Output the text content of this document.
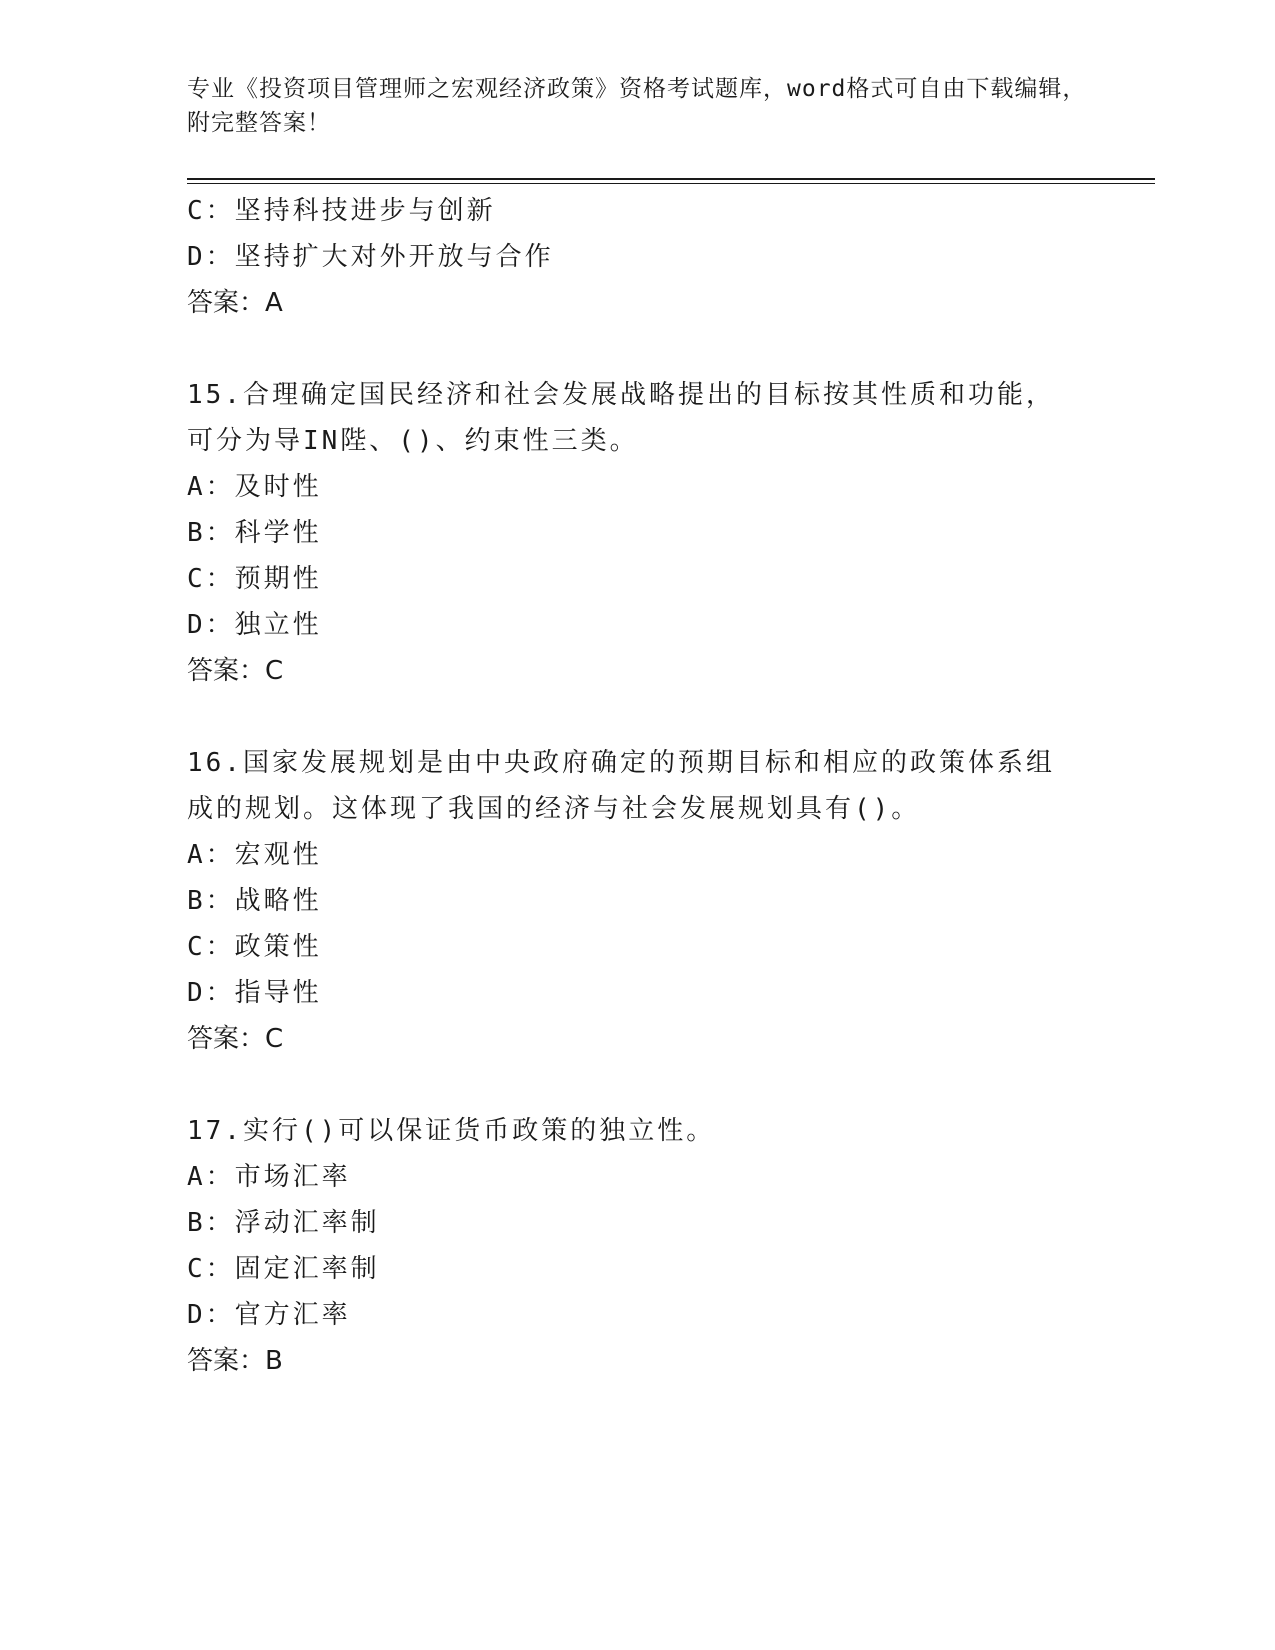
专业《投资项目管理师之宏观经济政策》资格考试题库，word格式可自由下载编辑，附完整答案！
C：坚持科技进步与创新
D：坚持扩大对外开放与合作
答案：A
15.合理确定国民经济和社会发展战略提出的目标按其性质和功能，可分为导IN陛、()、约束性三类。
A：及时性
B：科学性
C：预期性
D：独立性
答案：C
16.国家发展规划是由中央政府确定的预期目标和相应的政策体系组成的规划。这体现了我国的经济与社会发展规划具有()。
A：宏观性
B：战略性
C：政策性
D：指导性
答案：C
17.实行()可以保证货币政策的独立性。
A：市场汇率
B：浮动汇率制
C：固定汇率制
D：官方汇率
答案：B
